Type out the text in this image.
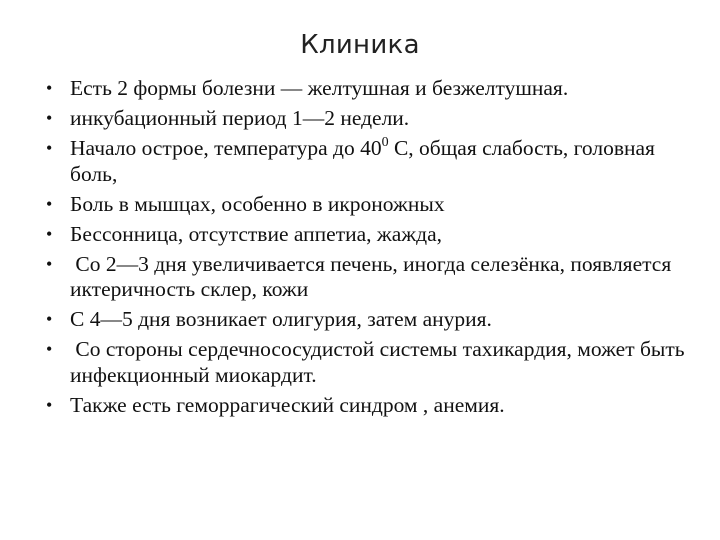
Клиника
• Есть 2 формы болезни — желтушная и безжелтушная.
• инкубационный период 1—2 недели.
• Начало острое, температура до $40^0$ С, общая слабость, головная боль,
• Боль в мышцах, особенно в икроножных
• Бессонница, отсутствие аппетиа, жажда,
• Со 2—3 дня увеличивается печень, иногда селезёнка, появляется иктеричность склер, кожи
• С 4—5 дня возникает олигурия, затем анурия.
• Со стороны сердечнососудистой системы тахикардия, может быть инфекционный миокардит.
• Также есть геморрагический синдром , анемия.
